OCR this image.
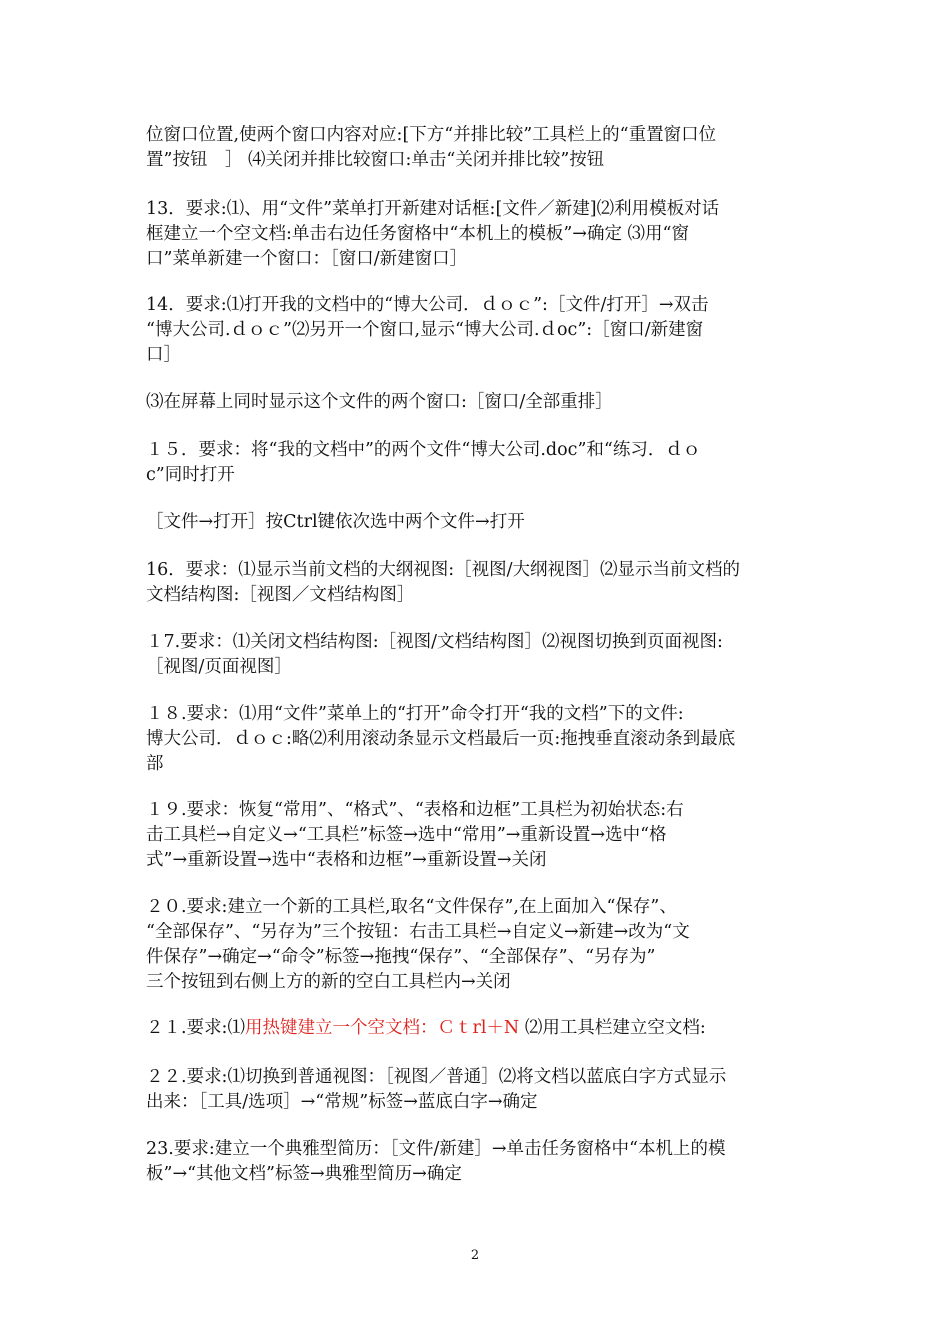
位窗口位置,使两个窗口内容对应:[下方“并排比较”工具栏上的“重置窗口位
置”按钮　］ ⑷关闭并排比较窗口:单击“关闭并排比较”按钮

13．要求:⑴、用“文件”菜单打开新建对话框:[文件／新建]⑵利用模板对话
框建立一个空文档:单击右边任务窗格中“本机上的模板”→确定 ⑶用“窗
口”菜单新建一个窗口：［窗口/新建窗口］

14．要求:⑴打开我的文档中的“博大公司．ｄｏｃ”:［文件/打开］→双击
“博大公司.ｄｏｃ”⑵另开一个窗口,显示“博大公司.ｄoc”:［窗口/新建窗
口］

⑶在屏幕上同时显示这个文件的两个窗口:［窗口/全部重排］

１５．要求：将“我的文档中”的两个文件“博大公司.doc”和“练习．ｄｏ
c”同时打开

［文件→打开］按Ctrl键依次选中两个文件→打开

16．要求：⑴显示当前文档的大纲视图:［视图/大纲视图］⑵显示当前文档的
文档结构图:［视图／文档结构图］

１7.要求：⑴关闭文档结构图:［视图/文档结构图］⑵视图切换到页面视图:
［视图/页面视图］

１８.要求：⑴用“文件”菜单上的“打开”命令打开“我的文档”下的文件:
博大公司．ｄｏｃ:略⑵利用滚动条显示文档最后一页:拖拽垂直滚动条到最底
部

１９.要求：恢复“常用”、“格式”、“表格和边框”工具栏为初始状态:右
击工具栏→自定义→“工具栏”标签→选中“常用”→重新设置→选中“格
式”→重新设置→选中“表格和边框”→重新设置→关闭

２０.要求:建立一个新的工具栏,取名“文件保存”,在上面加入“保存”、
“全部保存”、“另存为”三个按钮：右击工具栏→自定义→新建→改为“文
件保存”→确定→“命令”标签→拖拽“保存”、“全部保存”、“另存为”
三个按钮到右侧上方的新的空白工具栏内→关闭

２１.要求:⑴用热键建立一个空文档：Ｃｔrl＋N ⑵用工具栏建立空文档:

２２.要求:⑴切换到普通视图：［视图／普通］⑵将文档以蓝底白字方式显示
出来：［工具/选项］→“常规”标签→蓝底白字→确定

23.要求:建立一个典雅型简历：［文件/新建］→单击任务窗格中“本机上的模
板”→“其他文档”标签→典雅型简历→确定

2
